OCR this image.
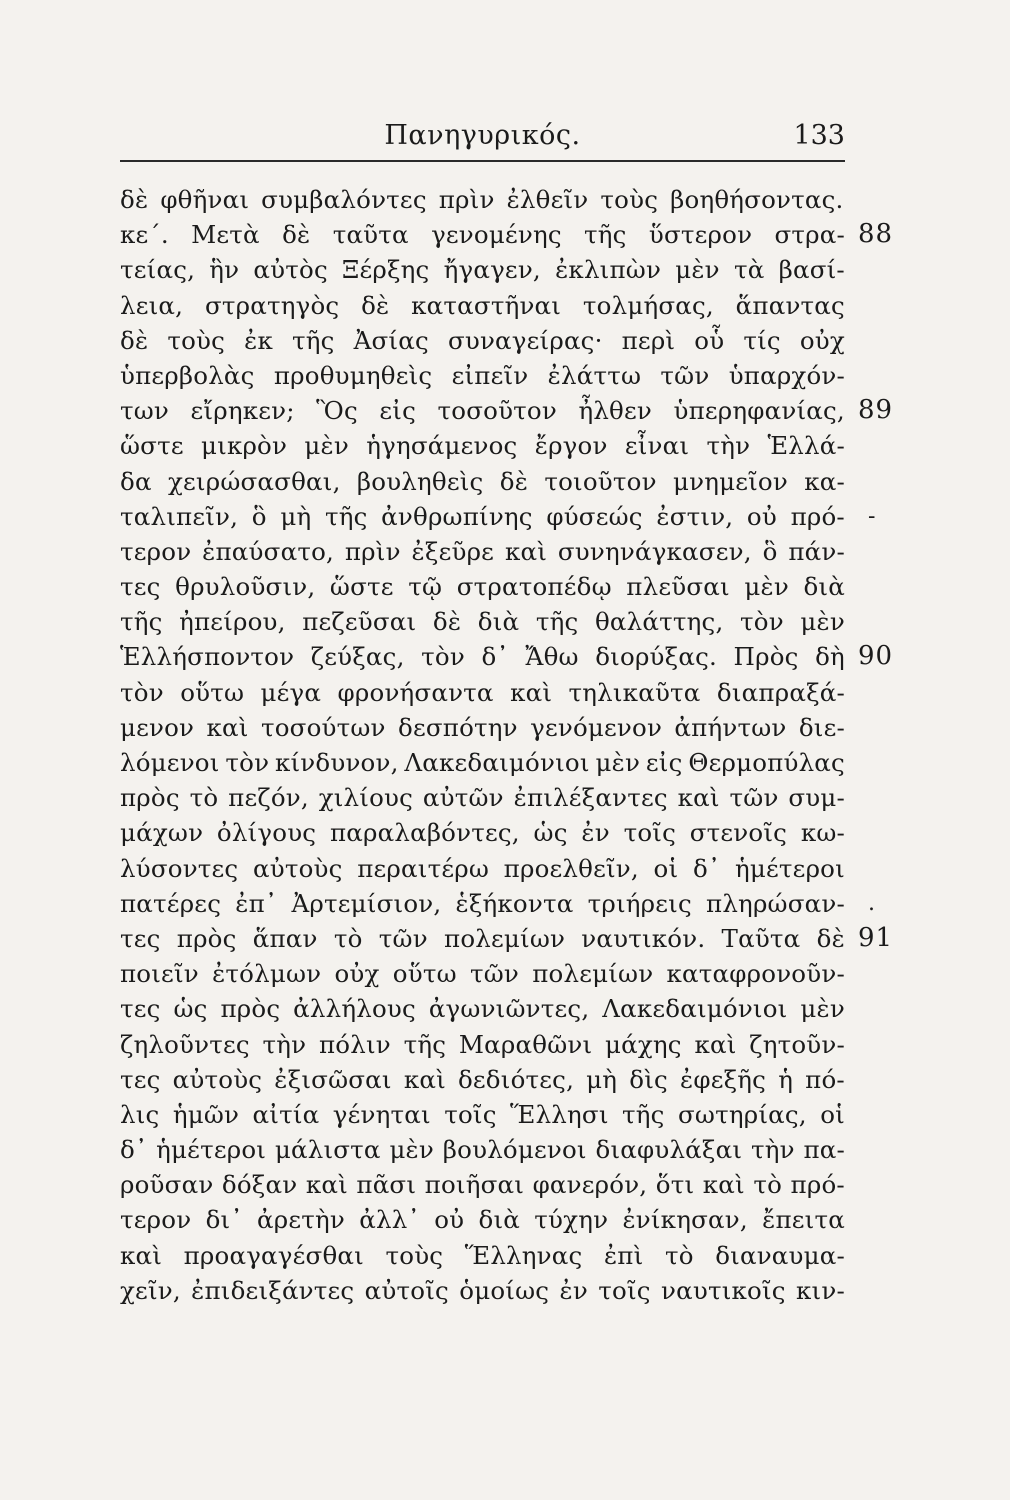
Πανηγυρικός.	133
δὲ φθῆναι συμβαλόντες πρὶν ἐλθεῖν τοὺς βοηθήσοντας.
κε´. Μετὰ δὲ ταῦτα γενομένης τῆς ὕστερον στρα- 88
τείας, ἣν αὐτὸς Ξέρξης ἤγαγεν, ἐκλιπὼν μὲν τὰ βασί-
λεια, στρατηγὸς δὲ καταστῆναι τολμήσας, ἅπαντας
δὲ τοὺς ἐκ τῆς Ἀσίας συναγείρας· περὶ οὗ τίς οὐχ
ὑπερβολὰς προθυμηθεὶς εἰπεῖν ἐλάττω τῶν ὑπαρχόν-
των εἴρηκεν; Ὃς εἰς τοσοῦτον ἦλθεν ὑπερηφανίας, 89
ὥστε μικρὸν μὲν ἡγησάμενος ἔργον εἶναι τὴν Ἑλλά-
δα χειρώσασθαι, βουληθεὶς δὲ τοιοῦτον μνημεῖον κα-
ταλιπεῖν, ὃ μὴ τῆς ἀνθρωπίνης φύσεώς ἐστιν, οὐ πρό- -
τερον ἐπαύσατο, πρὶν ἐξεῦρε καὶ συνηνάγκασεν, ὃ πάν-
τες θρυλοῦσιν, ὥστε τῷ στρατοπέδῳ πλεῦσαι μὲν διὰ
τῆς ἠπείρου, πεζεῦσαι δὲ διὰ τῆς θαλάττης, τὸν μὲν
Ἑλλήσποντον ζεύξας, τὸν δ᾽ Ἄθω διορύξας. Πρὸς δὴ 90
τὸν οὕτω μέγα φρονήσαντα καὶ τηλικαῦτα διαπραξά-
μενον καὶ τοσούτων δεσπότην γενόμενον ἀπήντων διε-
λόμενοι τὸν κίνδυνον, Λακεδαιμόνιοι μὲν εἰς Θερμοπύλας
πρὸς τὸ πεζόν, χιλίους αὐτῶν ἐπιλέξαντες καὶ τῶν συμ-
μάχων ὀλίγους παραλαβόντες, ὡς ἐν τοῖς στενοῖς κω-
λύσοντες αὐτοὺς περαιτέρω προελθεῖν, οἱ δ᾽ ἡμέτεροι
πατέρες ἐπ᾽ Ἀρτεμίσιον, ἑξήκοντα τριήρεις πληρώσαν- .
τες πρὸς ἅπαν τὸ τῶν πολεμίων ναυτικόν. Ταῦτα δὲ 91
ποιεῖν ἐτόλμων οὐχ οὕτω τῶν πολεμίων καταφρονοῦν-
τες ὡς πρὸς ἀλλήλους ἀγωνιῶντες, Λακεδαιμόνιοι μὲν
ζηλοῦντες τὴν πόλιν τῆς Μαραθῶνι μάχης καὶ ζητοῦν-
τες αὐτοὺς ἐξισῶσαι καὶ δεδιότες, μὴ δὶς ἐφεξῆς ἡ πό-
λις ἡμῶν αἰτία γένηται τοῖς Ἕλλησι τῆς σωτηρίας, οἱ
δ᾽ ἡμέτεροι μάλιστα μὲν βουλόμενοι διαφυλάξαι τὴν πα-
ροῦσαν δόξαν καὶ πᾶσι ποιῆσαι φανερόν, ὅτι καὶ τὸ πρό-
τερον δι᾽ ἀρετὴν ἀλλ᾽ οὐ διὰ τύχην ἐνίκησαν, ἔπειτα
καὶ προαγαγέσθαι τοὺς Ἕλληνας ἐπὶ τὸ διαναυμα-
χεῖν, ἐπιδειξάντες αὐτοῖς ὁμοίως ἐν τοῖς ναυτικοῖς κιν-
